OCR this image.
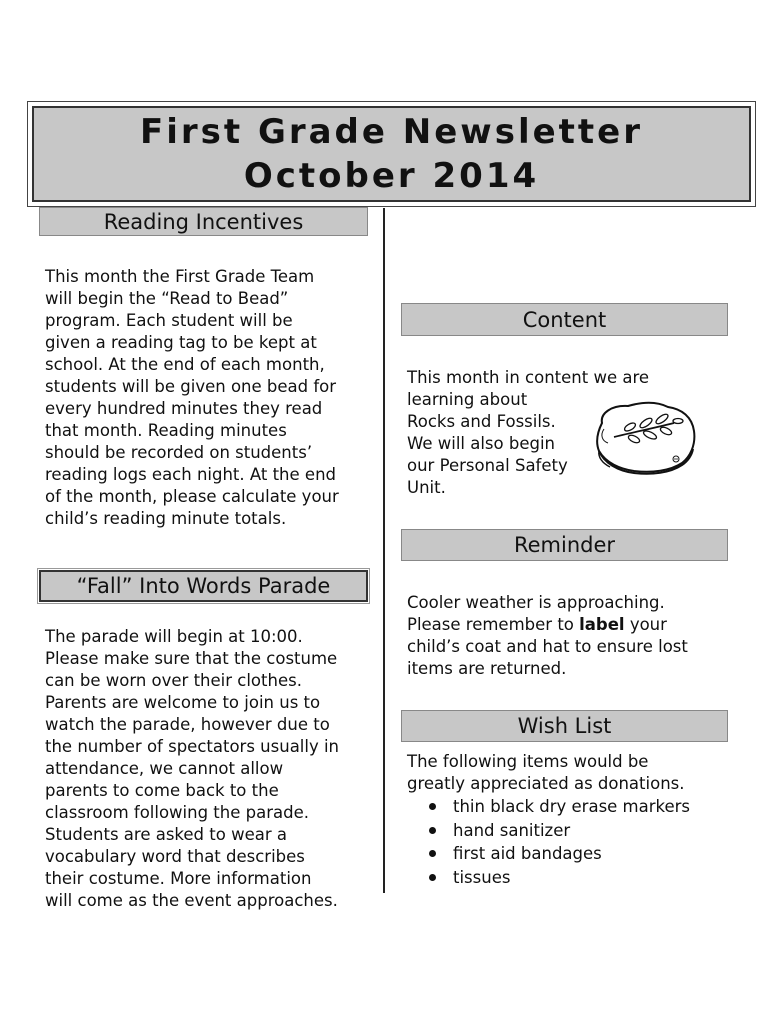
First Grade Newsletter
October 2014
Reading Incentives
This month the First Grade Team
will begin the “Read to Bead”
program. Each student will be
given a reading tag to be kept at
school. At the end of each month,
students will be given one bead for
every hundred minutes they read
that month. Reading minutes
should be recorded on students’
reading logs each night. At the end
of the month, please calculate your
child’s reading minute totals.
“Fall” Into Words Parade
The parade will begin at 10:00.
Please make sure that the costume
can be worn over their clothes.
Parents are welcome to join us to
watch the parade, however due to
the number of spectators usually in
attendance, we cannot allow
parents to come back to the
classroom following the parade.
Students are asked to wear a
vocabulary word that describes
their costume. More information
will come as the event approaches.
Content
This month in content we are
learning about
Rocks and Fossils.
We will also begin
our Personal Safety
Unit.
Reminder
Cooler weather is approaching.
Please remember to label your
child’s coat and hat to ensure lost
items are returned.
Wish List
The following items would be
greatly appreciated as donations.
thin black dry erase markers
hand sanitizer
first aid bandages
tissues
